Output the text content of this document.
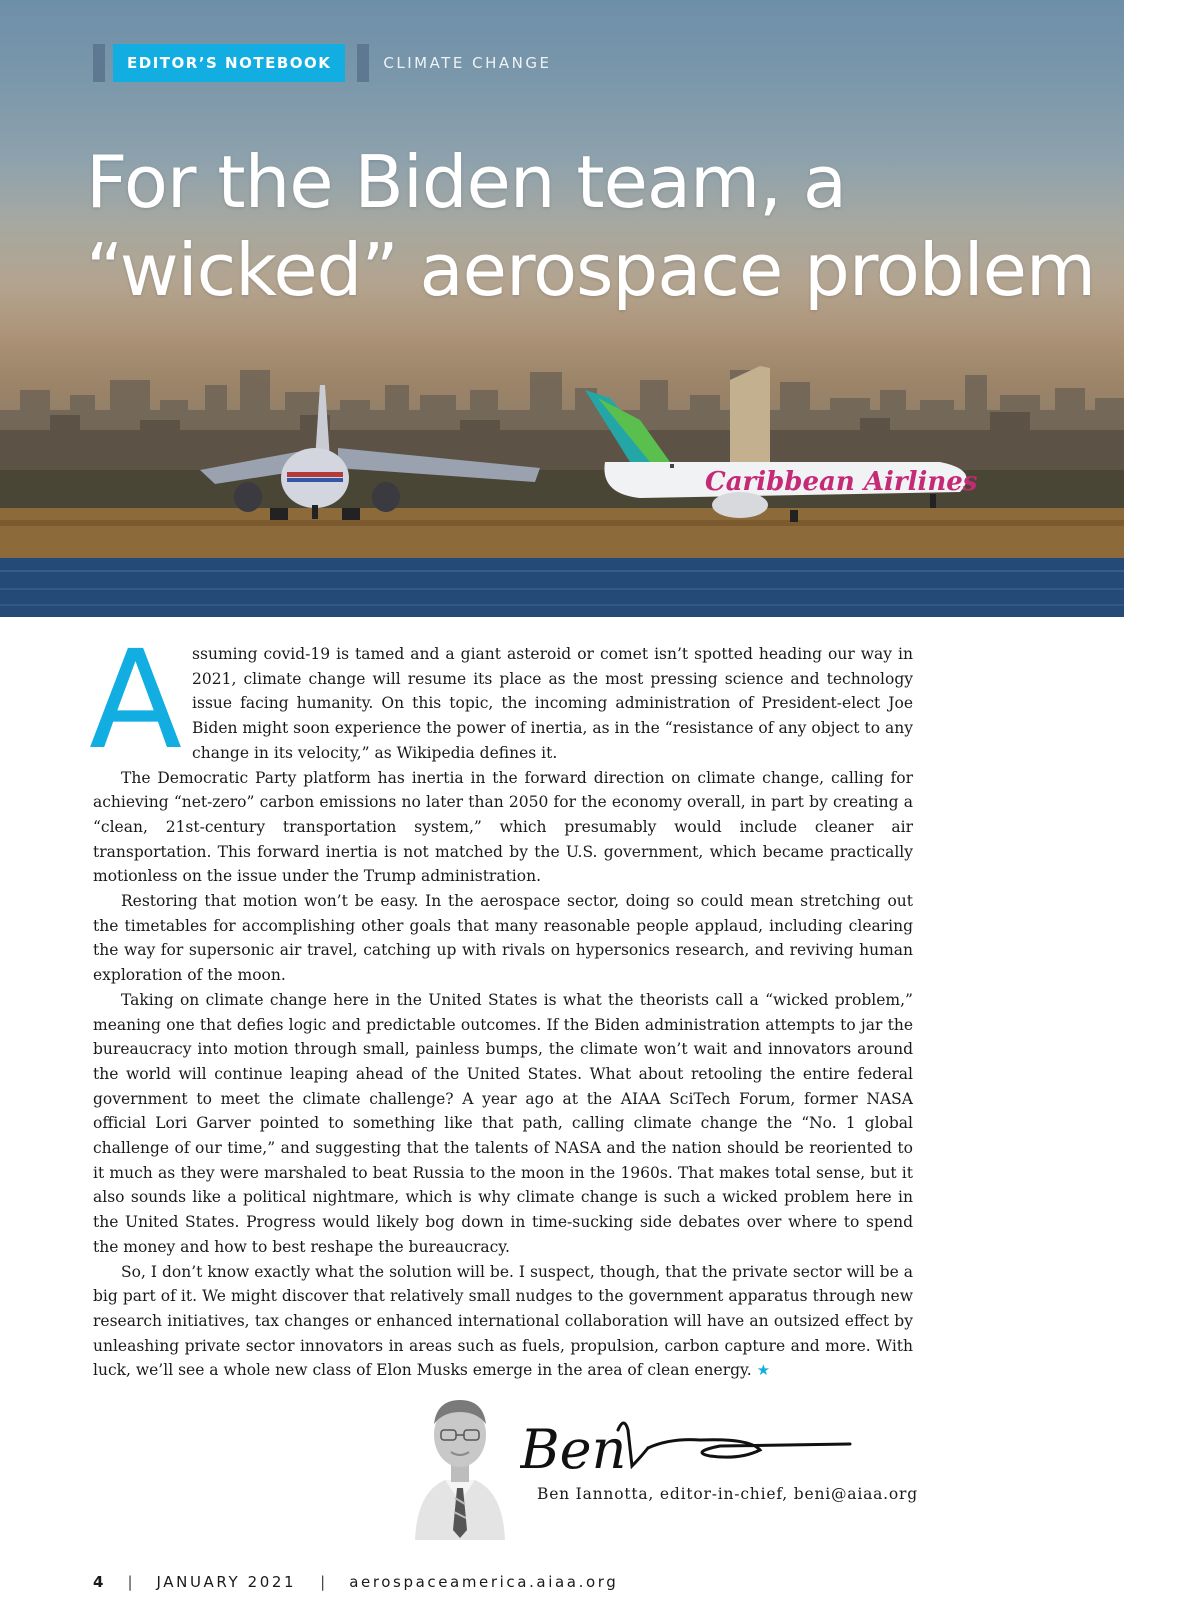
Caribbean Airlines
EDITOR’S NOTEBOOK	CLIMATE CHANGE
For the Biden team, a
“wicked” aerospace problem

Assuming covid-19 is tamed and a giant asteroid or comet isn’t spotted heading our way in 2021, climate change will resume its place as the most pressing science and technology issue facing humanity. On this topic, the incoming administration of President-elect Joe Biden might soon experience the power of inertia, as in the “resistance of any object to any change in its velocity,” as Wikipedia defines it.

The Democratic Party platform has inertia in the forward direction on climate change, calling for achieving “net-zero” carbon emissions no later than 2050 for the economy overall, in part by creating a “clean, 21st-century transportation system,” which presumably would include cleaner air transportation. This forward inertia is not matched by the U.S. government, which became practically motionless on the issue under the Trump administration.

Restoring that motion won’t be easy. In the aerospace sector, doing so could mean stretching out the timetables for accomplishing other goals that many reasonable people applaud, including clearing the way for supersonic air travel, catching up with rivals on hypersonics research, and reviving human exploration of the moon.

Taking on climate change here in the United States is what the theorists call a “wicked problem,” meaning one that defies logic and predictable outcomes. If the Biden administration attempts to jar the bureaucracy into motion through small, painless bumps, the climate won’t wait and innovators around the world will continue leaping ahead of the United States. What about retooling the entire federal government to meet the climate challenge? A year ago at the AIAA SciTech Forum, former NASA official Lori Garver pointed to something like that path, calling climate change the “No. 1 global challenge of our time,” and suggesting that the talents of NASA and the nation should be reoriented to it much as they were marshaled to beat Russia to the moon in the 1960s. That makes total sense, but it also sounds like a political nightmare, which is why climate change is such a wicked problem here in the United States. Progress would likely bog down in time-sucking side debates over where to spend the money and how to best reshape the bureaucracy.

So, I don’t know exactly what the solution will be. I suspect, though, that the private sector will be a big part of it. We might discover that relatively small nudges to the government apparatus through new research initiatives, tax changes or enhanced international collaboration will have an outsized effect by unleashing private sector innovators in areas such as fuels, propulsion, carbon capture and more. With luck, we’ll see a whole new class of Elon Musks emerge in the area of clean energy. ★

Ben
Ben Iannotta, editor-in-chief, beni@aiaa.org
4 | JANUARY 2021 | aerospaceamerica.aiaa.org
